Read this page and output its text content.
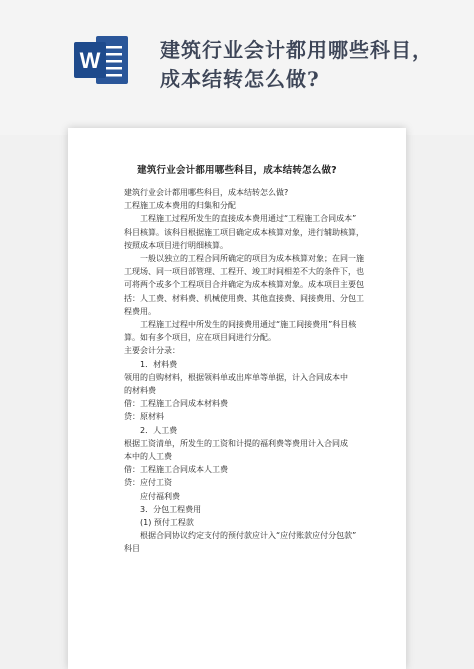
W	建筑行业会计都用哪些科目，
成本结转怎么做?
建筑行业会计都用哪些科目，成本结转怎么做?

建筑行业会计都用哪些科目，成本结转怎么做?

工程施工成本费用的归集和分配

工程施工过程所发生的直接成本费用通过“工程施工合同成本”

科目核算。该科目根据施工项目确定成本核算对象，进行辅助核算，

按照成本项目进行明细核算。

一般以独立的工程合同所确定的项目为成本核算对象；在同一施

工现场、同一项目部管理、工程开、竣工时间相差不大的条件下，也

可将两个或多个工程项目合并确定为成本核算对象。成本项目主要包

括：人工费、材料费、机械使用费、其他直接费、间接费用、分包工

程费用。

工程施工过程中所发生的间接费用通过“施工间接费用”科目核

算。如有多个项目，应在项目间进行分配。

主要会计分录：

1．材料费

领用的自购材料，根据领料单或出库单等单据，计入合同成本中

的材料费

借：工程施工合同成本材料费

贷：原材料

2．人工费

根据工资清单，所发生的工资和计提的福利费等费用计入合同成

本中的人工费

借：工程施工合同成本人工费

贷：应付工资

应付福利费

3．分包工程费用

(1) 预付工程款

根据合同协议约定支付的预付款应计入“应付账款应付分包款”

科目
